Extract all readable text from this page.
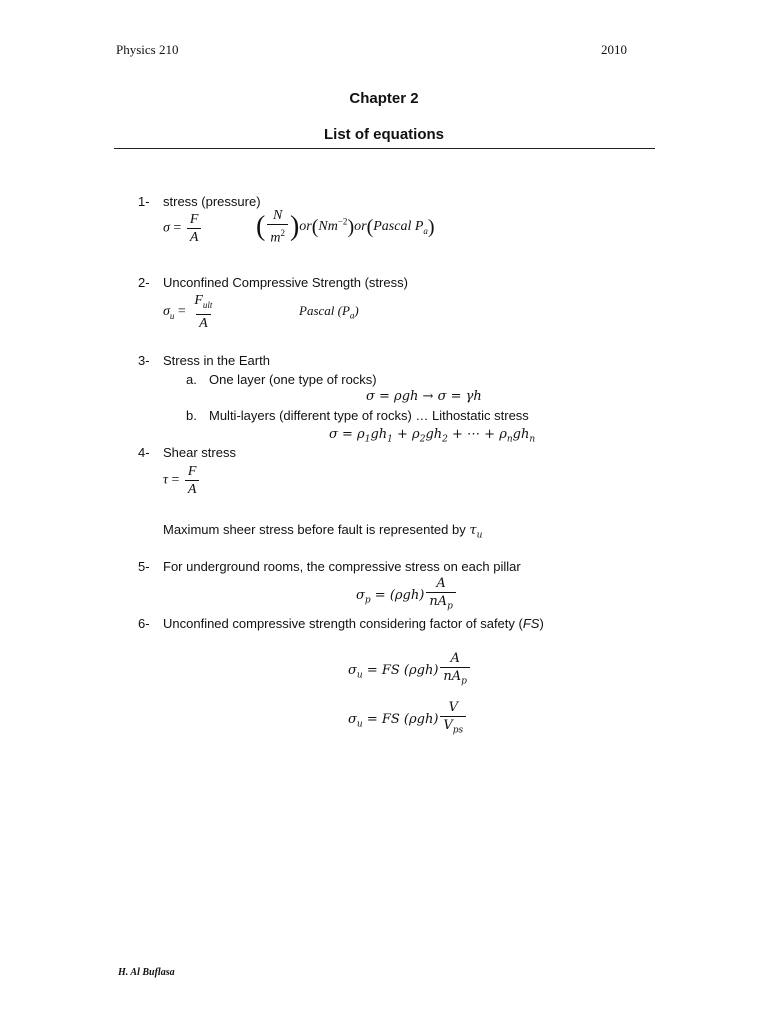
Physics 210	2010
Chapter 2
List of equations
1- stress (pressure)
$\sigma = \frac{F}{A}$ ( $\frac{N}{m^2}$ )$or(Nm^{-2})or(Pascal$ $P_a$)
2- Unconfined Compressive Strength (stress)
$\sigma_u = \frac{F_{ult}}{A}$	Pascal $(P_a)$
3- Stress in the Earth
a. One layer (one type of rocks)
σ = ρgh → σ = γh
b. Multi-layers (different type of rocks) … Lithostatic stress
$\sigma = \rho_1gh_1 + \rho_2gh_2$ + ⋯ + $\rho_ngh_n$
4- Shear stress
$\tau = \frac{F}{A}$
Maximum sheer stress before fault is represented by $\tau_u$
5- For underground rooms, the compressive stress on each pillar
$\sigma_p = (\rho gh) \frac{A}{nA_p}$
6- Unconfined compressive strength considering factor of safety (FS)
$\sigma_u$ = FS $(\rho gh) \frac{A}{nA_p}$
$\sigma_u$ = FS $(\rho gh) \frac{V}{V_{ps}}$
H. Al Buflasa
